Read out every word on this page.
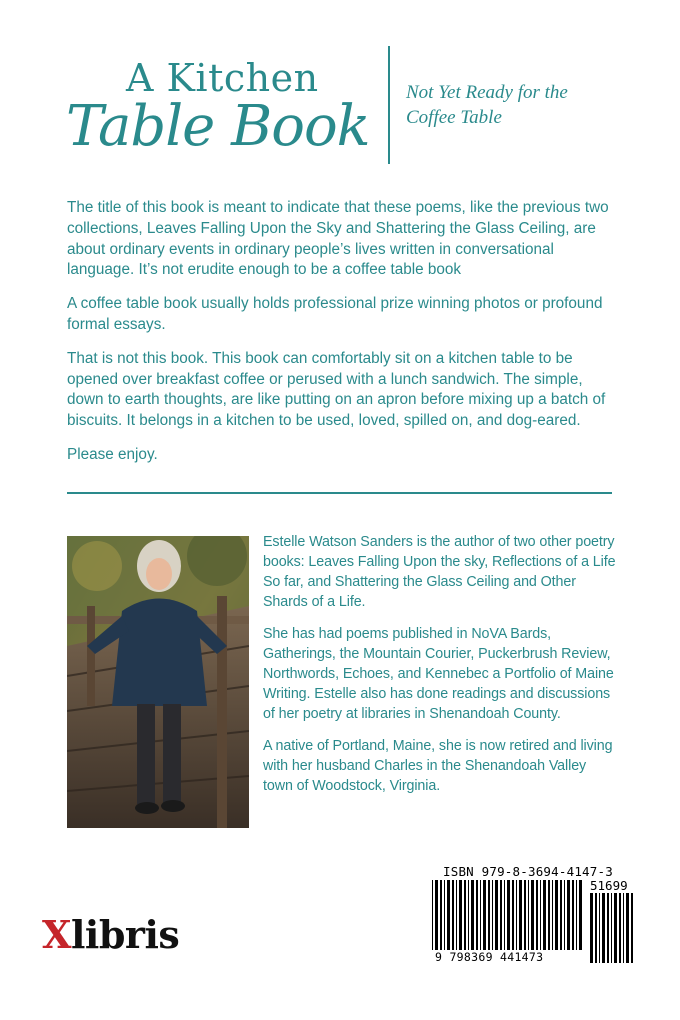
A Kitchen
Table Book
Not Yet Ready for the Coffee Table

The title of this book is meant to indicate that these poems, like the previous two collections, Leaves Falling Upon the Sky and Shattering the Glass Ceiling, are about ordinary events in ordinary people’s lives written in conversational language. It’s not erudite enough to be a coffee table book

A coffee table book usually holds professional prize winning photos or profound formal essays.

That is not this book. This book can comfortably sit on a kitchen table to be opened over breakfast coffee or perused with a lunch sandwich. The simple, down to earth thoughts, are like putting on an apron before mixing up a batch of biscuits. It belongs in a kitchen to be used, loved, spilled on, and dog-eared.

Please enjoy.

Estelle Watson Sanders is the author of two other poetry books: Leaves Falling Upon the sky, Reflections of a Life So far, and Shattering the Glass Ceiling and Other Shards of a Life.

She has had poems published in NoVA Bards, Gatherings, the Mountain Courier, Puckerbrush Review, Northwords, Echoes, and Kennebec a Portfolio of Maine Writing. Estelle also has done readings and discussions of her poetry at libraries in Shenandoah County.

A native of Portland, Maine, she is now retired and living with her husband Charles in the Shenandoah Valley town of Woodstock, Virginia.

Xlibris
ISBN 979-8-3694-4147-3
51699
9 798369 441473
